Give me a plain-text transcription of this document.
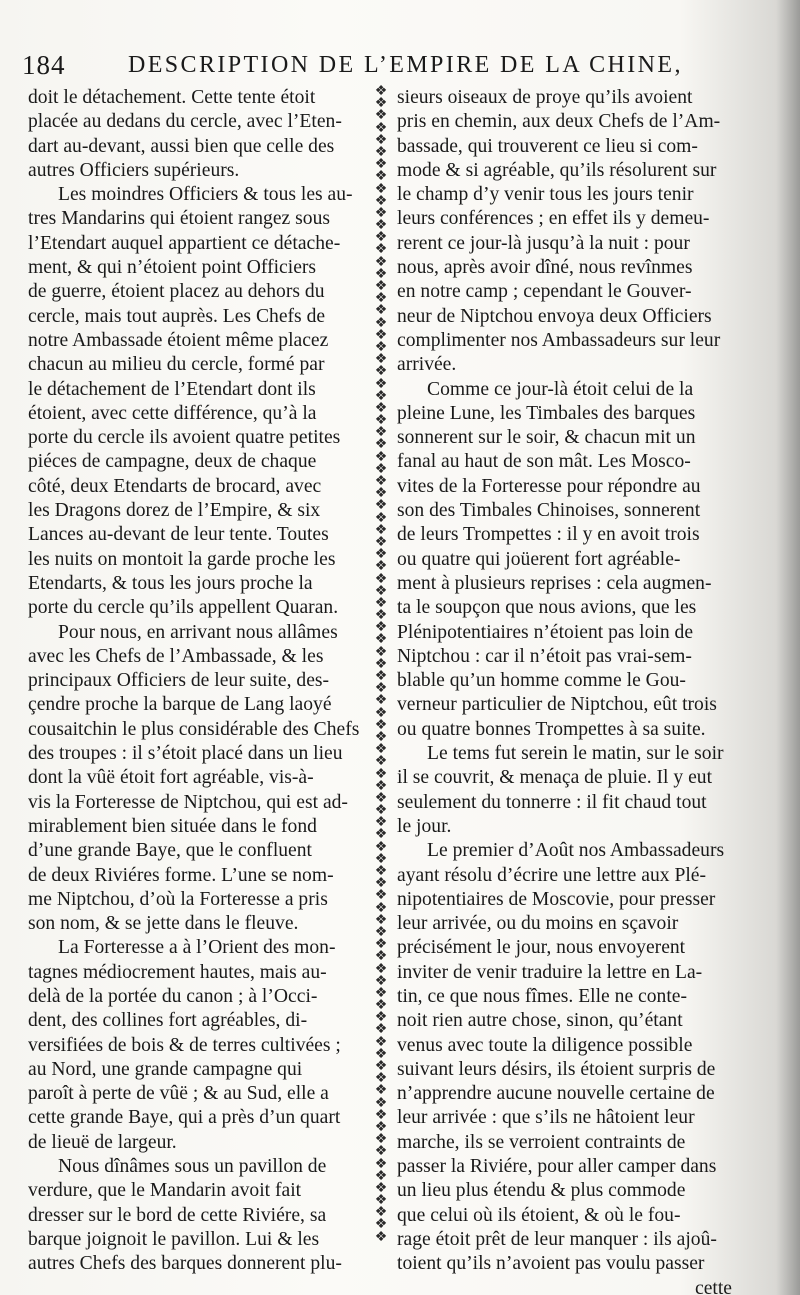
184	DESCRIPTION DE L’EMPIRE DE LA CHINE,
doit le détachement. Cette tente étoit
placée au dedans du cercle, avec l’Eten-
dart au-devant, aussi bien que celle des
autres Officiers supérieurs.
Les moindres Officiers & tous les au-
tres Mandarins qui étoient rangez sous
l’Etendart auquel appartient ce détache-
ment, & qui n’étoient point Officiers
de guerre, étoient placez au dehors du
cercle, mais tout auprès. Les Chefs de
notre Ambassade étoient même placez
chacun au milieu du cercle, formé par
le détachement de l’Etendart dont ils
étoient, avec cette différence, qu’à la
porte du cercle ils avoient quatre petites
piéces de campagne, deux de chaque
côté, deux Etendarts de brocard, avec
les Dragons dorez de l’Empire, & six
Lances au-devant de leur tente. Toutes
les nuits on montoit la garde proche les
Etendarts, & tous les jours proche la
porte du cercle qu’ils appellent Quaran.
Pour nous, en arrivant nous allâmes
avec les Chefs de l’Ambassade, & les
principaux Officiers de leur suite, des-
çendre proche la barque de Lang laoyé
cousaitchin le plus considérable des Chefs
des troupes : il s’étoit placé dans un lieu
dont la vûë étoit fort agréable, vis-à-
vis la Forteresse de Niptchou, qui est ad-
mirablement bien située dans le fond
d’une grande Baye, que le confluent
de deux Riviéres forme. L’une se nom-
me Niptchou, d’où la Forteresse a pris
son nom, & se jette dans le fleuve.
La Forteresse a à l’Orient des mon-
tagnes médiocrement hautes, mais au-
delà de la portée du canon ; à l’Occi-
dent, des collines fort agréables, di-
versifiées de bois & de terres cultivées ;
au Nord, une grande campagne qui
paroît à perte de vûë ; & au Sud, elle a
cette grande Baye, qui a près d’un quart
de lieuë de largeur.
Nous dînâmes sous un pavillon de
verdure, que le Mandarin avoit fait
dresser sur le bord de cette Riviére, sa
barque joignoit le pavillon. Lui & les
autres Chefs des barques donnerent plu-
❖
❖
❖
❖
❖
❖
❖
❖
❖
❖
❖
❖
❖
❖
❖
❖
❖
❖
❖
❖
❖
❖
❖
❖
❖
❖
❖
❖
❖
❖
❖
❖
❖
❖
❖
❖
❖
❖
❖
❖
❖
❖
❖
❖
❖
❖
❖
❖
❖
❖
❖
❖
❖
❖
❖
❖
❖
❖
❖
❖
❖
❖
❖
❖
❖
❖
❖
❖
❖
❖
❖
❖
❖
❖
❖
❖
❖
❖
❖
❖
❖
❖
❖
❖
❖
❖
❖
❖
❖
❖
❖
❖
❖
❖
❖
sieurs oiseaux de proye qu’ils avoient
pris en chemin, aux deux Chefs de l’Am-
bassade, qui trouverent ce lieu si com-
mode & si agréable, qu’ils résolurent sur
le champ d’y venir tous les jours tenir
leurs conférences ; en effet ils y demeu-
rerent ce jour-là jusqu’à la nuit : pour
nous, après avoir dîné, nous revînmes
en notre camp ; cependant le Gouver-
neur de Niptchou envoya deux Officiers
complimenter nos Ambassadeurs sur leur
arrivée.
Comme ce jour-là étoit celui de la
pleine Lune, les Timbales des barques
sonnerent sur le soir, & chacun mit un
fanal au haut de son mât. Les Mosco-
vites de la Forteresse pour répondre au
son des Timbales Chinoises, sonnerent
de leurs Trompettes : il y en avoit trois
ou quatre qui joüerent fort agréable-
ment à plusieurs reprises : cela augmen-
ta le soupçon que nous avions, que les
Plénipotentiaires n’étoient pas loin de
Niptchou : car il n’étoit pas vrai-sem-
blable qu’un homme comme le Gou-
verneur particulier de Niptchou, eût trois
ou quatre bonnes Trompettes à sa suite.
Le tems fut serein le matin, sur le soir
il se couvrit, & menaça de pluie. Il y eut
seulement du tonnerre : il fit chaud tout
le jour.
Le premier d’Août nos Ambassadeurs
ayant résolu d’écrire une lettre aux Plé-
nipotentiaires de Moscovie, pour presser
leur arrivée, ou du moins en sçavoir
précisément le jour, nous envoyerent
inviter de venir traduire la lettre en La-
tin, ce que nous fîmes. Elle ne conte-
noit rien autre chose, sinon, qu’étant
venus avec toute la diligence possible
suivant leurs désirs, ils étoient surpris de
n’apprendre aucune nouvelle certaine de
leur arrivée : que s’ils ne hâtoient leur
marche, ils se verroient contraints de
passer la Riviére, pour aller camper dans
un lieu plus étendu & plus commode
que celui où ils étoient, & où le fou-
rage étoit prêt de leur manquer : ils ajoû-
toient qu’ils n’avoient pas voulu passer
cette
